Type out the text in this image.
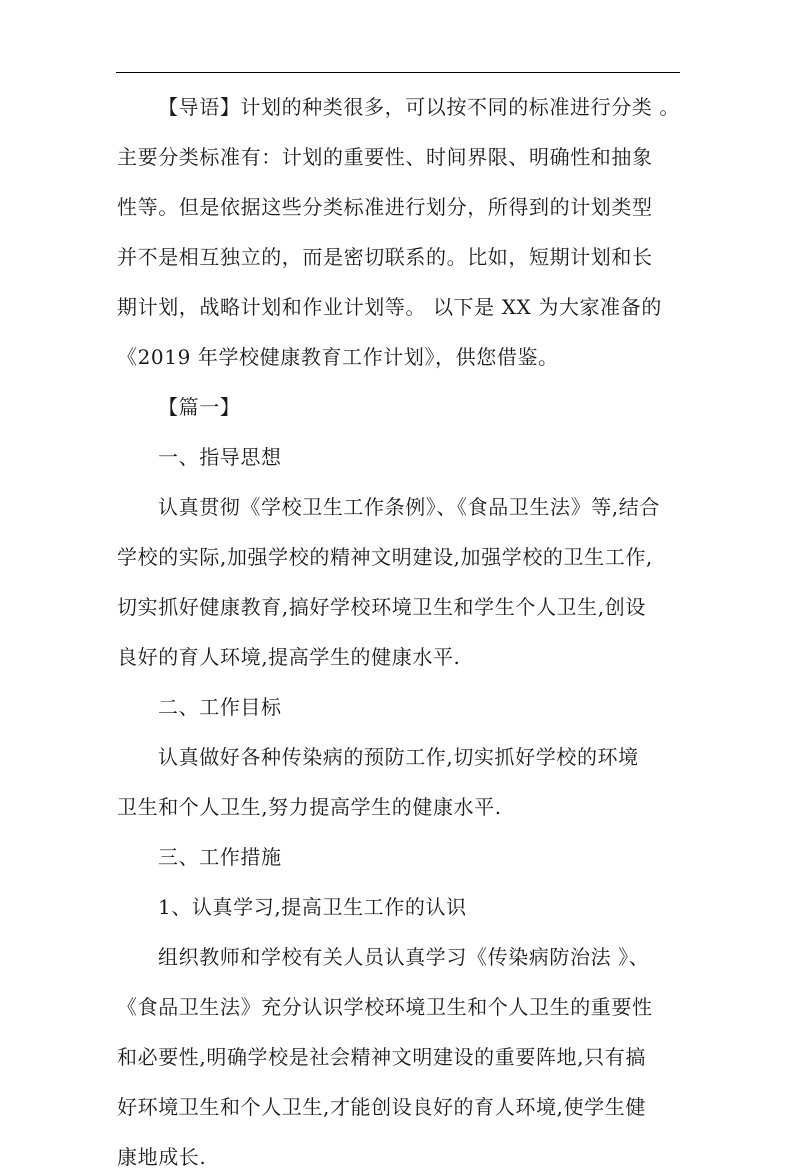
【导语】计划的种类很多，可以按不同的标准进行分类 。
主要分类标准有：计划的重要性、时间界限、明确性和抽象
性等。但是依据这些分类标准进行划分，所得到的计划类型
并不是相互独立的，而是密切联系的。比如，短期计划和长
期计划，战略计划和作业计划等。 以下是 XX 为大家准备的
《2019 年学校健康教育工作计划》，供您借鉴。
【篇一】
一、指导思想
认真贯彻《学校卫生工作条例》、《食品卫生法》等,结合
学校的实际,加强学校的精神文明建设,加强学校的卫生工作,
切实抓好健康教育,搞好学校环境卫生和学生个人卫生,创设
良好的育人环境,提高学生的健康水平.
二、工作目标
认真做好各种传染病的预防工作,切实抓好学校的环境
卫生和个人卫生,努力提高学生的健康水平.
三、工作措施
1、认真学习,提高卫生工作的认识
组织教师和学校有关人员认真学习《传染病防治法 》、
《食品卫生法》充分认识学校环境卫生和个人卫生的重要性
和必要性,明确学校是社会精神文明建设的重要阵地,只有搞
好环境卫生和个人卫生,才能创设良好的育人环境,使学生健
康地成长.
